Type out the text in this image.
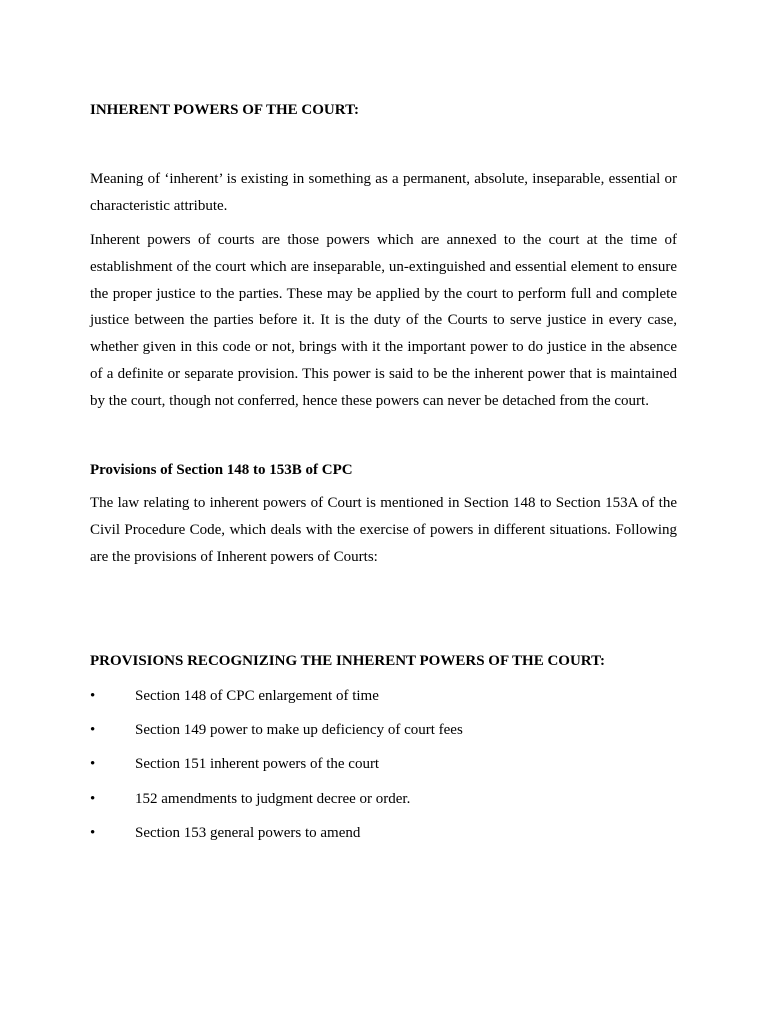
INHERENT POWERS OF THE COURT:

Meaning of ‘inherent’ is existing in something as a permanent, absolute, inseparable, essential or characteristic attribute.

Inherent powers of courts are those powers which are annexed to the court at the time of establishment of the court which are inseparable, un-extinguished and essential element to ensure the proper justice to the parties. These may be applied by the court to perform full and complete justice between the parties before it. It is the duty of the Courts to serve justice in every case, whether given in this code or not, brings with it the important power to do justice in the absence of a definite or separate provision. This power is said to be the inherent power that is maintained by the court, though not conferred, hence these powers can never be detached from the court.

Provisions of Section 148 to 153B of CPC

The law relating to inherent powers of Court is mentioned in Section 148 to Section 153A of the Civil Procedure Code, which deals with the exercise of powers in different situations. Following are the provisions of Inherent powers of Courts:

PROVISIONS RECOGNIZING THE INHERENT POWERS OF THE COURT:
•	Section 148 of CPC enlargement of time
•	Section 149 power to make up deficiency of court fees
•	Section 151 inherent powers of the court
•	152 amendments to judgment decree or order.
•	Section 153 general powers to amend
